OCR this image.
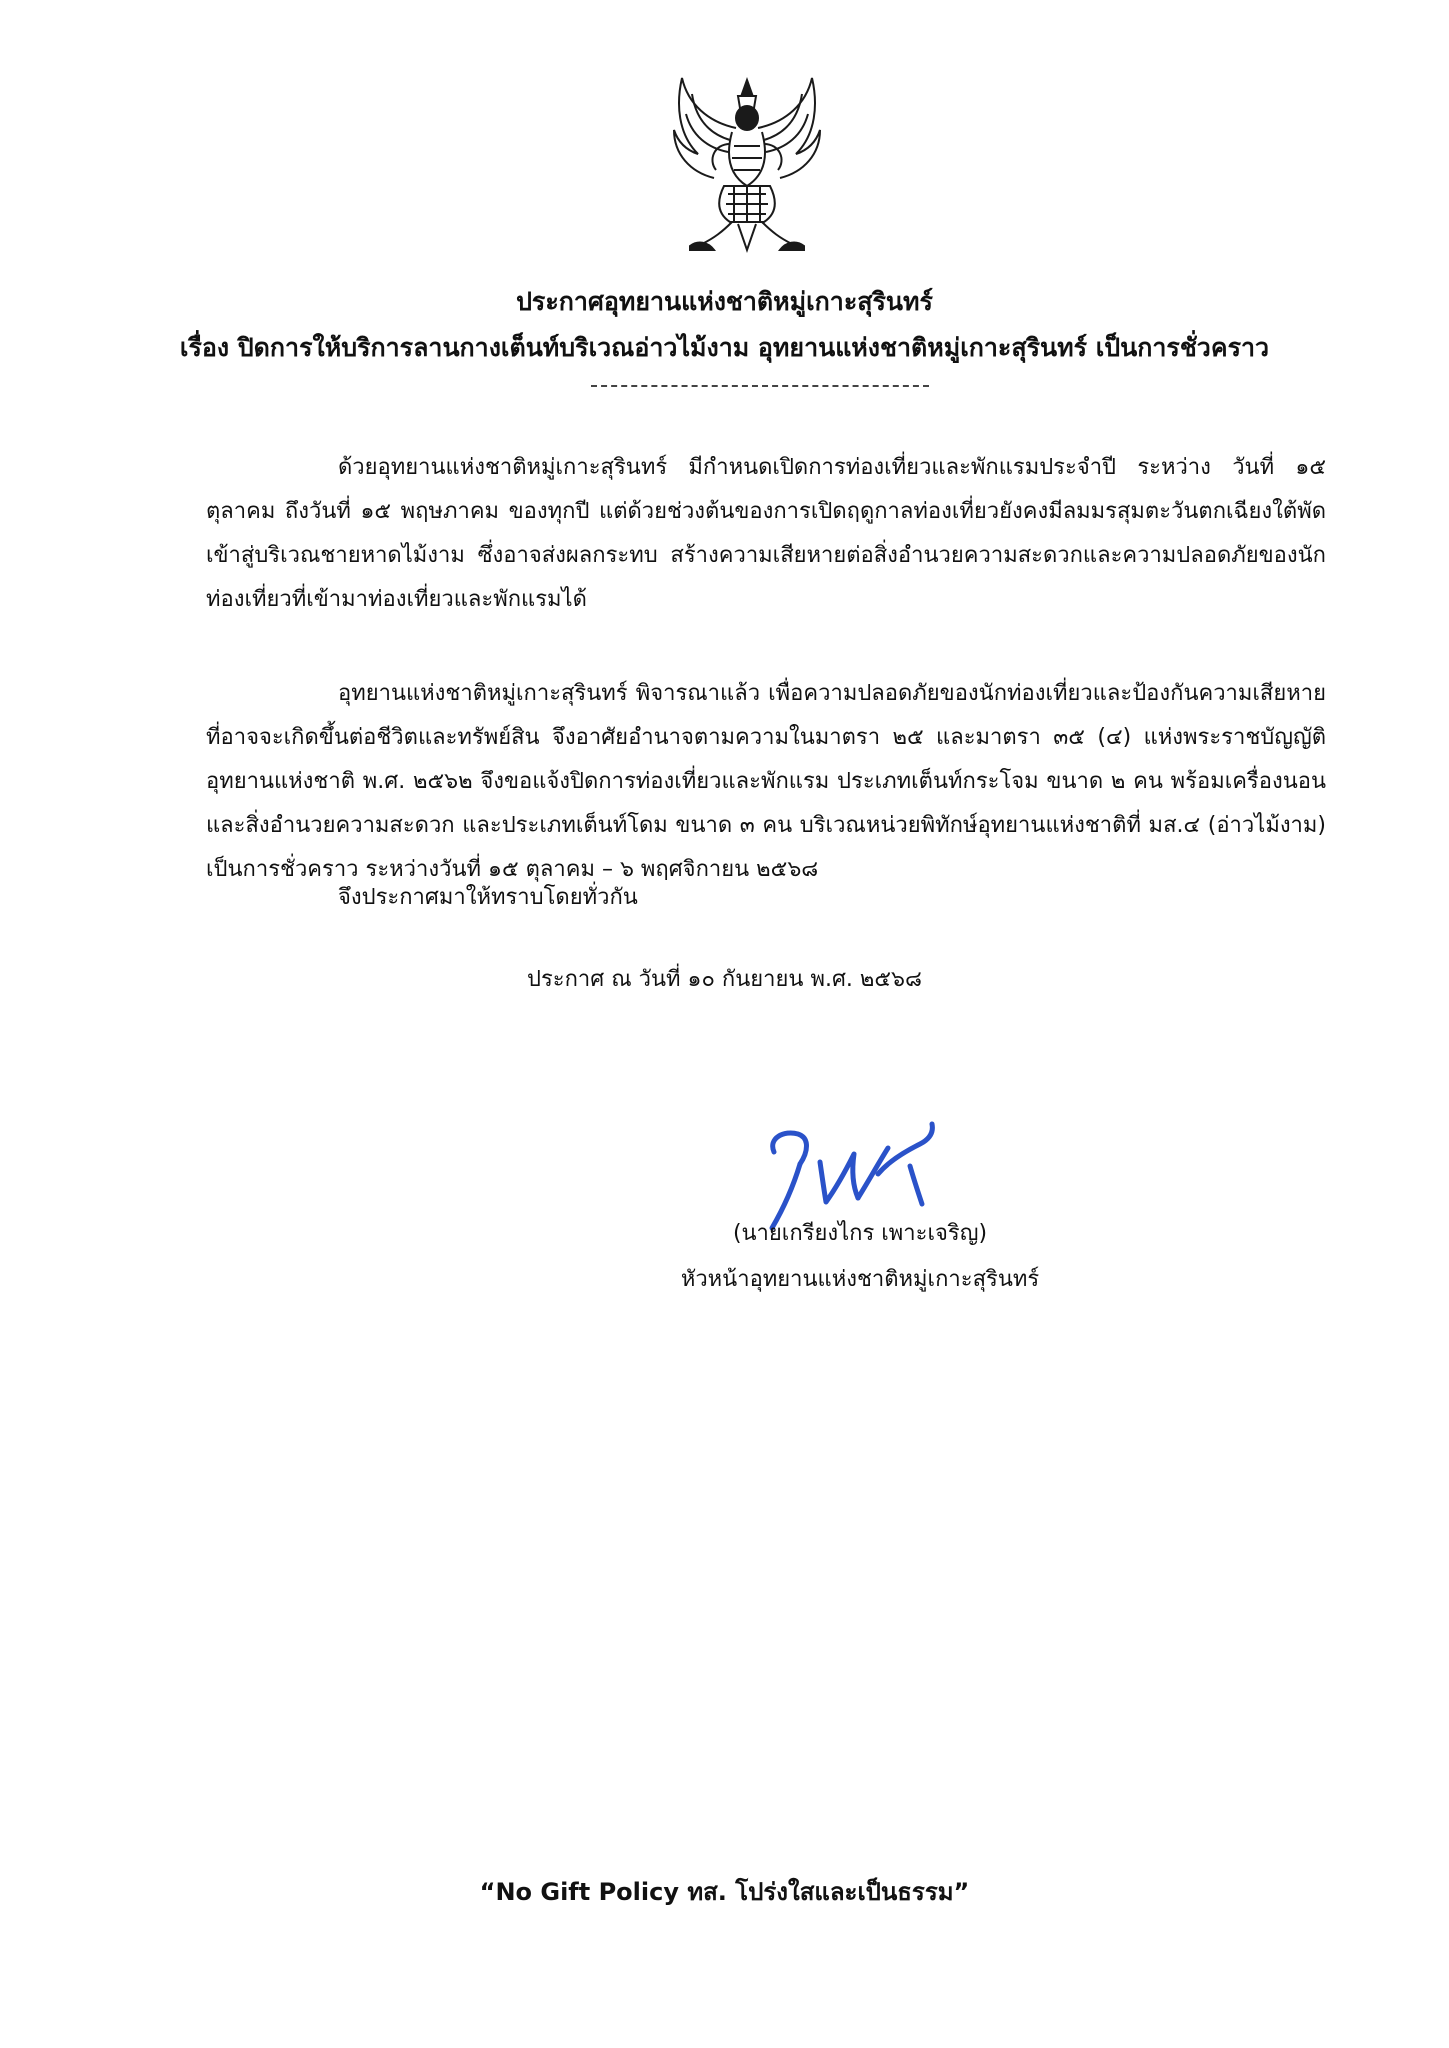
ประกาศอุทยานแห่งชาติหมู่เกาะสุรินทร์
เรื่อง ปิดการให้บริการลานกางเต็นท์บริเวณอ่าวไม้งาม อุทยานแห่งชาติหมู่เกาะสุรินทร์ เป็นการชั่วคราว
ด้วยอุทยานแห่งชาติหมู่เกาะสุรินทร์ มีกำหนดเปิดการท่องเที่ยวและพักแรมประจำปี ระหว่าง วันที่ ๑๕ ตุลาคม ถึงวันที่ ๑๕ พฤษภาคม ของทุกปี แต่ด้วยช่วงต้นของการเปิดฤดูกาลท่องเที่ยวยังคงมีลมมรสุมตะวันตกเฉียงใต้พัดเข้าสู่บริเวณชายหาดไม้งาม ซึ่งอาจส่งผลกระทบ สร้างความเสียหายต่อสิ่งอำนวยความสะดวกและความปลอดภัยของนักท่องเที่ยวที่เข้ามาท่องเที่ยวและพักแรมได้
อุทยานแห่งชาติหมู่เกาะสุรินทร์ พิจารณาแล้ว เพื่อความปลอดภัยของนักท่องเที่ยวและป้องกันความเสียหายที่อาจจะเกิดขึ้นต่อชีวิตและทรัพย์สิน จึงอาศัยอำนาจตามความในมาตรา ๒๕ และมาตรา ๓๕ (๔) แห่งพระราชบัญญัติอุทยานแห่งชาติ พ.ศ. ๒๕๖๒ จึงขอแจ้งปิดการท่องเที่ยวและพักแรม ประเภทเต็นท์กระโจม ขนาด ๒ คน พร้อมเครื่องนอน และสิ่งอำนวยความสะดวก และประเภทเต็นท์โดม ขนาด ๓ คน บริเวณหน่วยพิทักษ์อุทยานแห่งชาติที่ มส.๔ (อ่าวไม้งาม) เป็นการชั่วคราว ระหว่างวันที่ ๑๕ ตุลาคม – ๖ พฤศจิกายน ๒๕๖๘
จึงประกาศมาให้ทราบโดยทั่วกัน
ประกาศ ณ วันที่ ๑๐ กันยายน พ.ศ. ๒๕๖๘
(นายเกรียงไกร เพาะเจริญ)
หัวหน้าอุทยานแห่งชาติหมู่เกาะสุรินทร์
“No Gift Policy ทส. โปร่งใสและเป็นธรรม”
